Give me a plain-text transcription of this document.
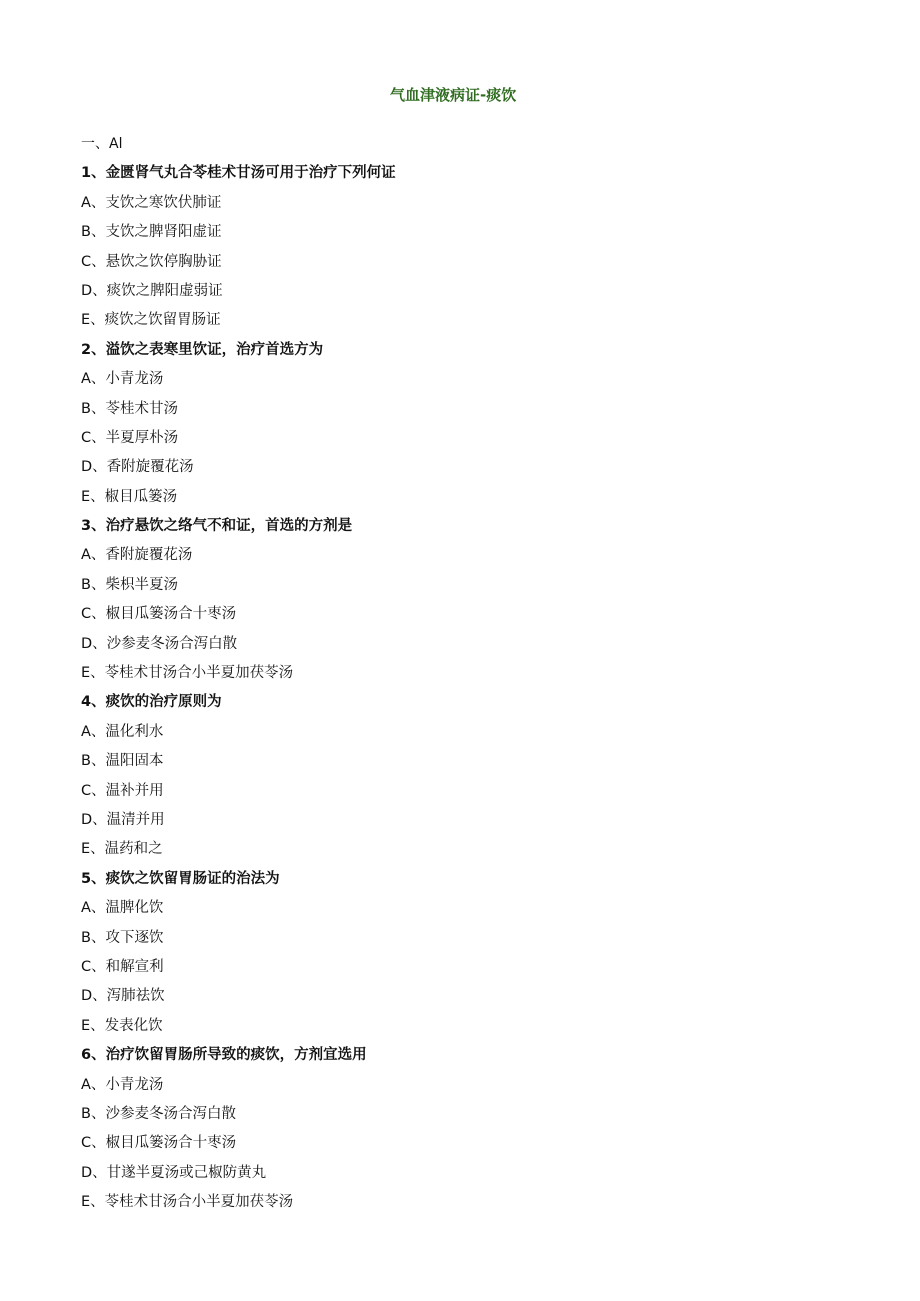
气血津液病证-痰饮
一、Al
1、金匮肾气丸合苓桂术甘汤可用于治疗下列何证
A、支饮之寒饮伏肺证
B、支饮之脾肾阳虚证
C、悬饮之饮停胸胁证
D、痰饮之脾阳虚弱证
E、痰饮之饮留胃肠证
2、溢饮之表寒里饮证，治疗首选方为
A、小青龙汤
B、苓桂术甘汤
C、半夏厚朴汤
D、香附旋覆花汤
E、椒目瓜篓汤
3、治疗悬饮之络气不和证，首选的方剂是
A、香附旋覆花汤
B、柴枳半夏汤
C、椒目瓜篓汤合十枣汤
D、沙参麦冬汤合泻白散
E、苓桂术甘汤合小半夏加茯苓汤
4、痰饮的治疗原则为
A、温化利水
B、温阳固本
C、温补并用
D、温清并用
E、温药和之
5、痰饮之饮留胃肠证的治法为
A、温脾化饮
B、攻下逐饮
C、和解宣利
D、泻肺祛饮
E、发表化饮
6、治疗饮留胃肠所导致的痰饮，方剂宜选用
A、小青龙汤
B、沙参麦冬汤合泻白散
C、椒目瓜篓汤合十枣汤
D、甘遂半夏汤或己椒防黄丸
E、苓桂术甘汤合小半夏加茯苓汤
